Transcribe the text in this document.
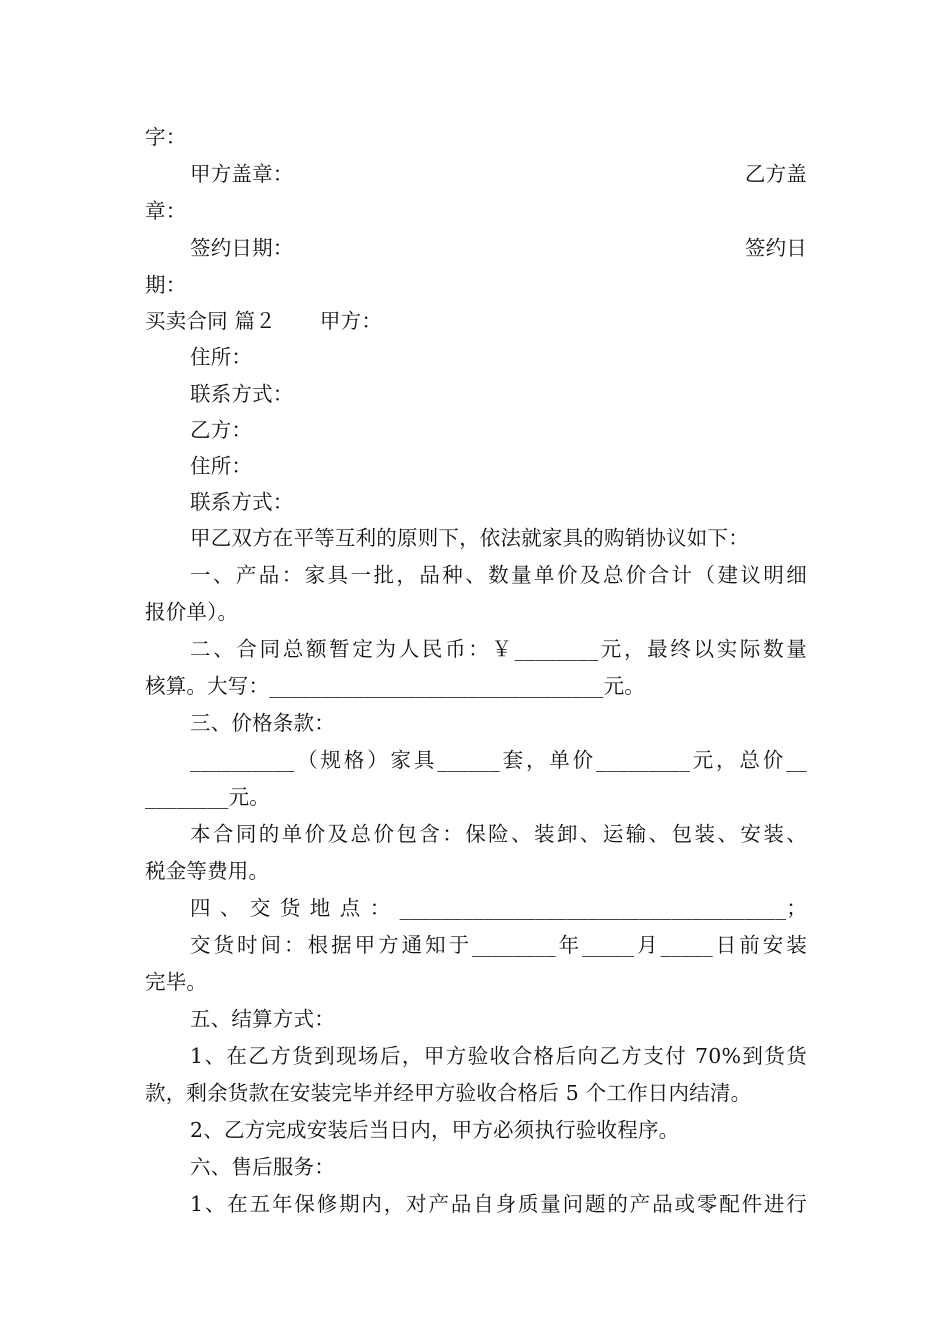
字：
甲方盖章：	乙方盖
章：
签约日期：	签约日
期：
买卖合同 篇２ 甲方：
住所：
联系方式：
乙方：
住所：
联系方式：
甲乙双方在平等互利的原则下，依法就家具的购销协议如下：
一、产品：家具一批，品种、数量单价及总价合计（建议明细
报价单）。
二、合同总额暂定为人民币：￥________元，最终以实际数量
核算。大写：________________________________元。
三、价格条款：
__________（规格）家具______套，单价_________元，总价__
________元。
本合同的单价及总价包含：保险、装卸、运输、包装、安装、
税金等费用。
四、交货地点：_____________________________________；
交货时间：根据甲方通知于________年_____月_____日前安装
完毕。
五、结算方式：
1、在乙方货到现场后，甲方验收合格后向乙方支付 70%到货货
款，剩余货款在安装完毕并经甲方验收合格后 5 个工作日内结清。
2、乙方完成安装后当日内，甲方必须执行验收程序。
六、售后服务：
1、在五年保修期内，对产品自身质量问题的产品或零配件进行
